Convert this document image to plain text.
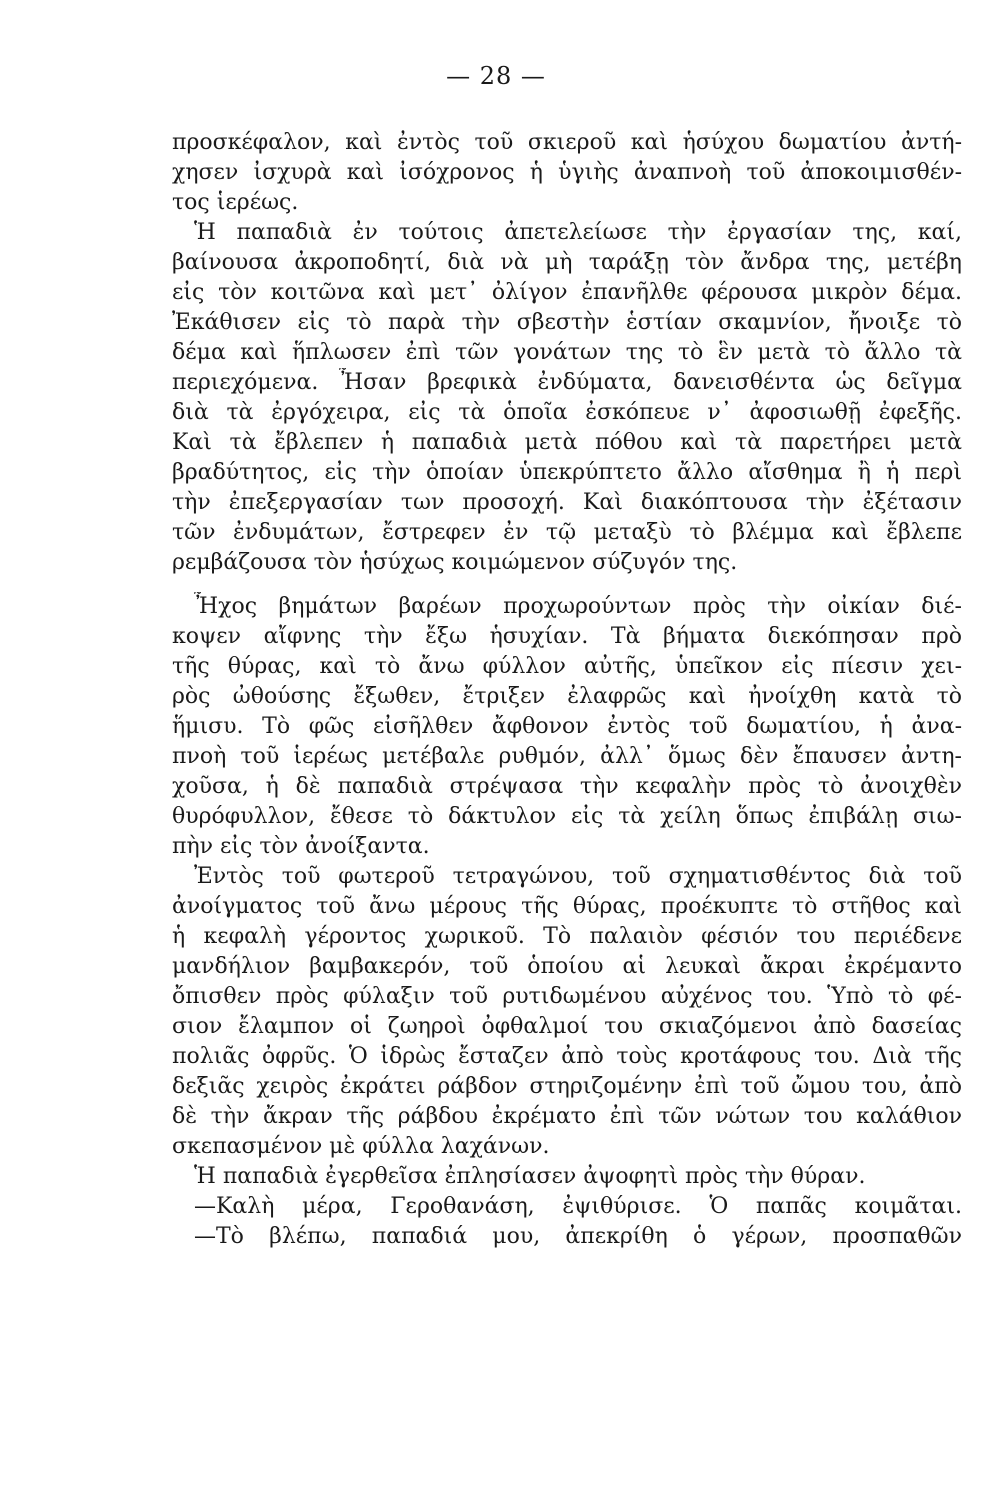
— 28 —
προσκέφαλον, καὶ ἐντὸς τοῦ σκιεροῦ καὶ ἡσύχου δωματίου ἀντή-
χησεν ἰσχυρὰ καὶ ἰσόχρονος ἡ ὑγιὴς ἀναπνοὴ τοῦ ἀποκοιμισθέν-
τος ἱερέως.
Ἡ παπαδιὰ ἐν τούτοις ἀπετελείωσε τὴν ἐργασίαν της, καί,
βαίνουσα ἀκροποδητί, διὰ νὰ μὴ ταράξῃ τὸν ἄνδρα της, μετέβη
εἰς τὸν κοιτῶνα καὶ μετ᾽ ὀλίγον ἐπανῆλθε φέρουσα μικρὸν δέμα.
Ἐκάθισεν εἰς τὸ παρὰ τὴν σβεστὴν ἑστίαν σκαμνίον, ἤνοιξε τὸ
δέμα καὶ ἥπλωσεν ἐπὶ τῶν γονάτων της τὸ ἓν μετὰ τὸ ἄλλο τὰ
περιεχόμενα. Ἦσαν βρεφικὰ ἐνδύματα, δανεισθέντα ὡς δεῖγμα
διὰ τὰ ἐργόχειρα, εἰς τὰ ὁποῖα ἐσκόπευε ν᾽ ἀφοσιωθῇ ἐφεξῆς.
Καὶ τὰ ἔβλεπεν ἡ παπαδιὰ μετὰ πόθου καὶ τὰ παρετήρει μετὰ
βραδύτητος, εἰς τὴν ὁποίαν ὑπεκρύπτετο ἄλλο αἴσθημα ἢ ἡ περὶ
τὴν ἐπεξεργασίαν των προσοχή. Καὶ διακόπτουσα τὴν ἐξέτασιν
τῶν ἐνδυμάτων, ἔστρεφεν ἐν τῷ μεταξὺ τὸ βλέμμα καὶ ἔβλεπε
ρεμβάζουσα τὸν ἡσύχως κοιμώμενον σύζυγόν της.
Ἦχος βημάτων βαρέων προχωρούντων πρὸς τὴν οἰκίαν διέ-
κοψεν αἴφνης τὴν ἔξω ἡσυχίαν. Τὰ βήματα διεκόπησαν πρὸ
τῆς θύρας, καὶ τὸ ἄνω φύλλον αὐτῆς, ὑπεῖκον εἰς πίεσιν χει-
ρὸς ὠθούσης ἔξωθεν, ἔτριξεν ἐλαφρῶς καὶ ἠνοίχθη κατὰ τὸ
ἥμισυ. Τὸ φῶς εἰσῆλθεν ἄφθονον ἐντὸς τοῦ δωματίου, ἡ ἀνα-
πνοὴ τοῦ ἱερέως μετέβαλε ρυθμόν, ἀλλ᾽ ὅμως δὲν ἔπαυσεν ἀντη-
χοῦσα, ἡ δὲ παπαδιὰ στρέψασα τὴν κεφαλὴν πρὸς τὸ ἀνοιχθὲν
θυρόφυλλον, ἔθεσε τὸ δάκτυλον εἰς τὰ χείλη ὅπως ἐπιβάλῃ σιω-
πὴν εἰς τὸν ἀνοίξαντα.
Ἐντὸς τοῦ φωτεροῦ τετραγώνου, τοῦ σχηματισθέντος διὰ τοῦ
ἀνοίγματος τοῦ ἄνω μέρους τῆς θύρας, προέκυπτε τὸ στῆθος καὶ
ἡ κεφαλὴ γέροντος χωρικοῦ. Τὸ παλαιὸν φέσιόν του περιέδενε
μανδήλιον βαμβακερόν, τοῦ ὁποίου αἱ λευκαὶ ἄκραι ἐκρέμαντο
ὄπισθεν πρὸς φύλαξιν τοῦ ρυτιδωμένου αὐχένος του. Ὑπὸ τὸ φέ-
σιον ἔλαμπον οἱ ζωηροὶ ὀφθαλμοί του σκιαζόμενοι ἀπὸ δασείας
πολιᾶς ὀφρῦς. Ὁ ἱδρὼς ἔσταζεν ἀπὸ τοὺς κροτάφους του. Διὰ τῆς
δεξιᾶς χειρὸς ἐκράτει ράβδον στηριζομένην ἐπὶ τοῦ ὤμου του, ἀπὸ
δὲ τὴν ἄκραν τῆς ράβδου ἐκρέματο ἐπὶ τῶν νώτων του καλάθιον
σκεπασμένον μὲ φύλλα λαχάνων.
Ἡ παπαδιὰ ἐγερθεῖσα ἐπλησίασεν ἀψοφητὶ πρὸς τὴν θύραν.
—Καλὴ μέρα, Γεροθανάση, ἐψιθύρισε. Ὁ παπᾶς κοιμᾶται.
—Τὸ βλέπω, παπαδιά μου, ἀπεκρίθη ὁ γέρων, προσπαθῶν
